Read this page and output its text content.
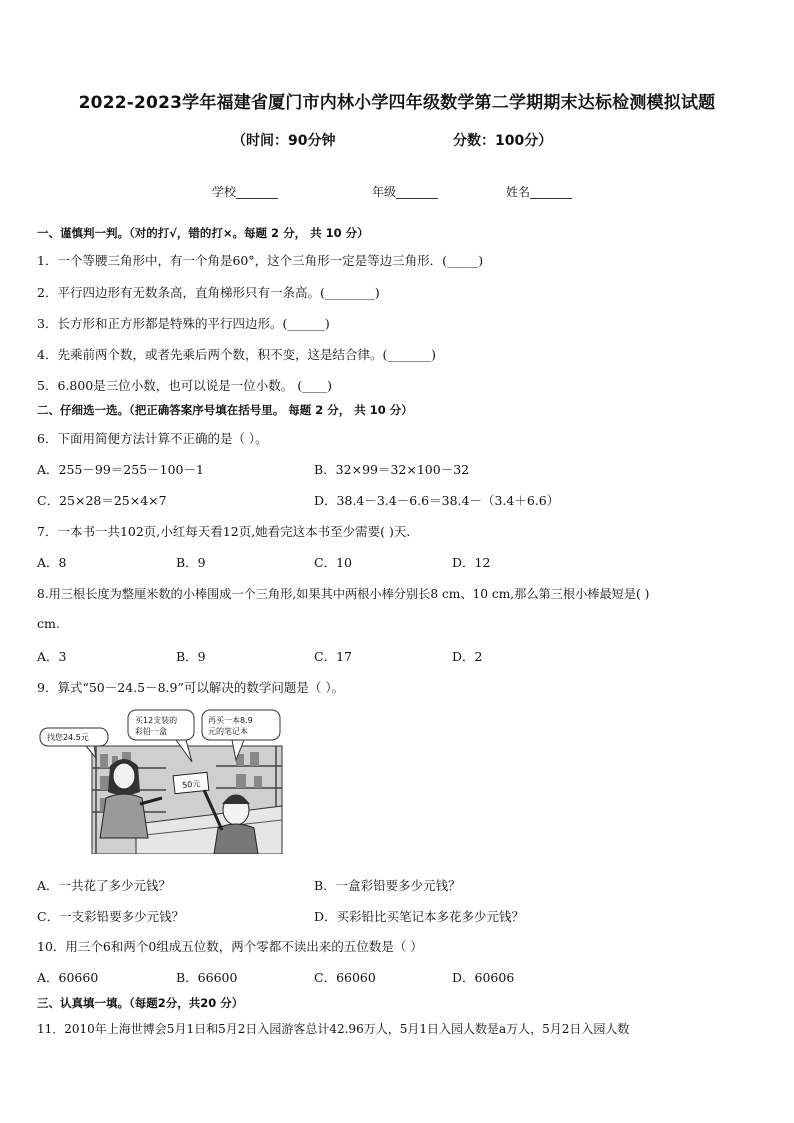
2022-2023学年福建省厦门市内林小学四年级数学第二学期期末达标检测模拟试题
（时间：90分钟	分数：100分）
学校_______	年级_______	姓名_______
一、谨慎判一判。（对的打√，错的打×。每题 2 分， 共 10 分）
1．一个等腰三角形中，有一个角是60°，这个三角形一定是等边三角形．(_____)
2．平行四边形有无数条高，直角梯形只有一条高。(________)
3．长方形和正方形都是特殊的平行四边形。(______)
4．先乘前两个数，或者先乘后两个数，积不变，这是结合律。(_______)
5．6.800是三位小数，也可以说是一位小数。 (____)
二、仔细选一选。（把正确答案序号填在括号里。 每题 2 分， 共 10 分）
6．下面用简便方法计算不正确的是（ ）。
A．255－99＝255－100－1	B．32×99＝32×100－32
C．25×28＝25×4×7	D．38.4－3.4－6.6＝38.4－（3.4＋6.6）
7．一本书一共102页,小红每天看12页,她看完这本书至少需要( )天．
A．8	B．9	C．10	D．12
8.用三根长度为整厘米数的小棒围成一个三角形,如果其中两根小棒分别长8 cm、10 cm,那么第三根小棒最短是( )
cm.
A．3	B．9	C．17	D．2
9．算式“50－24.5－8.9”可以解决的数学问题是（ ）。
50元
找您24.5元
买12支装的
彩铅一盒
再买一本8.9
元的笔记本
A．一共花了多少元钱？	B．一盒彩铅要多少元钱？
C．一支彩铅要多少元钱？	D．买彩铅比买笔记本多花多少元钱？
10．用三个6和两个0组成五位数，两个零都不读出来的五位数是（ ）
A．60660	B．66600	C．66060	D．60606
三、认真填一填。（每题2分，共20 分）
11．2010年上海世博会5月1日和5月2日入园游客总计42.96万人，5月1日入园人数是a万人，5月2日入园人数
